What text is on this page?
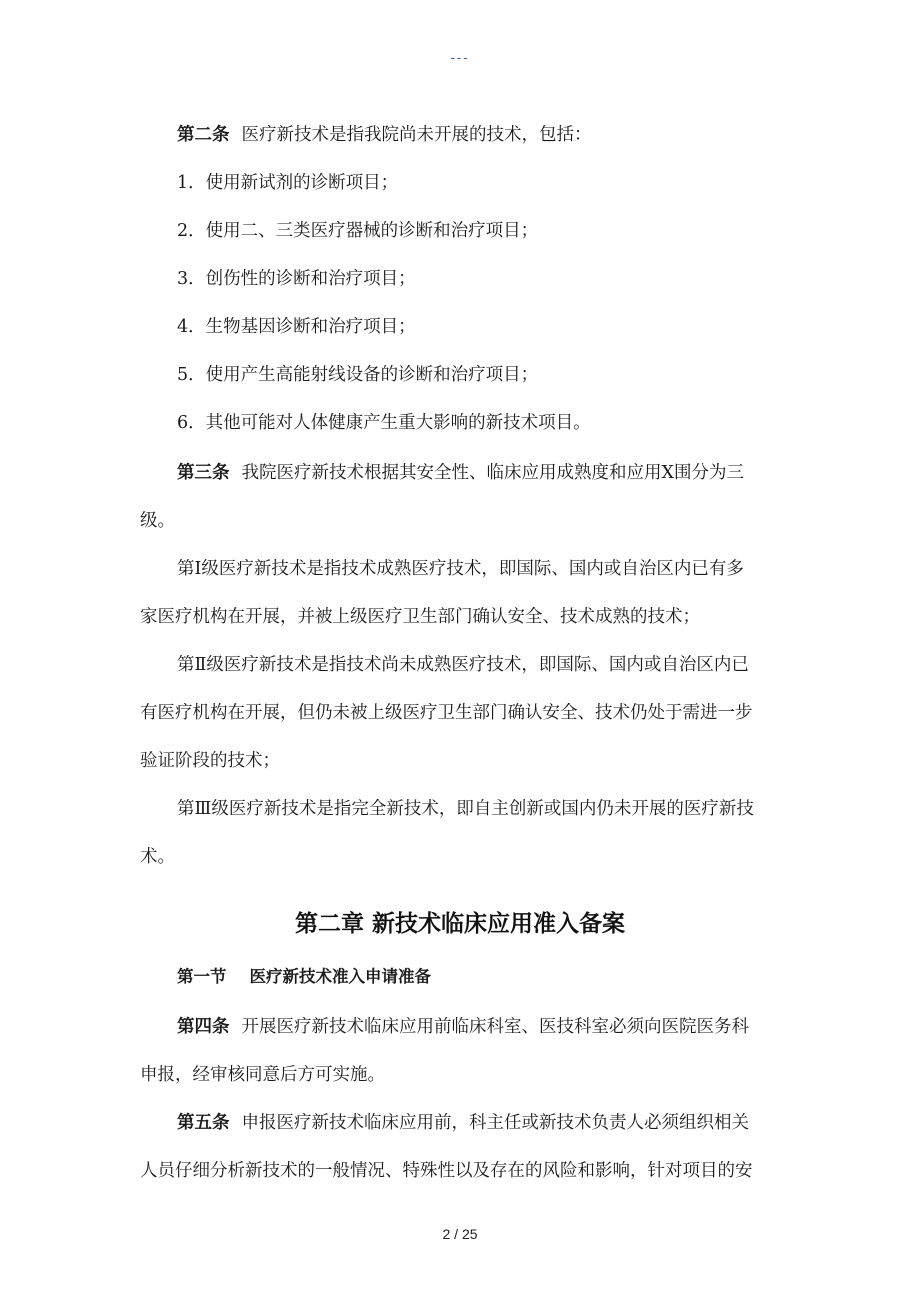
---
第二条 医疗新技术是指我院尚未开展的技术，包括：
1．使用新试剂的诊断项目；
2．使用二、三类医疗器械的诊断和治疗项目；
3．创伤性的诊断和治疗项目；
4．生物基因诊断和治疗项目；
5．使用产生高能射线设备的诊断和治疗项目；
6．其他可能对人体健康产生重大影响的新技术项目。
第三条 我院医疗新技术根据其安全性、临床应用成熟度和应用X围分为三
级。
第Ⅰ级医疗新技术是指技术成熟医疗技术，即国际、国内或自治区内已有多
家医疗机构在开展，并被上级医疗卫生部门确认安全、技术成熟的技术；
第Ⅱ级医疗新技术是指技术尚未成熟医疗技术，即国际、国内或自治区内已
有医疗机构在开展，但仍未被上级医疗卫生部门确认安全、技术仍处于需进一步
验证阶段的技术；
第Ⅲ级医疗新技术是指完全新技术，即自主创新或国内仍未开展的医疗新技
术。
第二章 新技术临床应用准入备案
第一节    医疗新技术准入申请准备
第四条 开展医疗新技术临床应用前临床科室、医技科室必须向医院医务科
申报，经审核同意后方可实施。
第五条 申报医疗新技术临床应用前，科主任或新技术负责人必须组织相关
人员仔细分析新技术的一般情况、特殊性以及存在的风险和影响，针对项目的安
2 / 25
